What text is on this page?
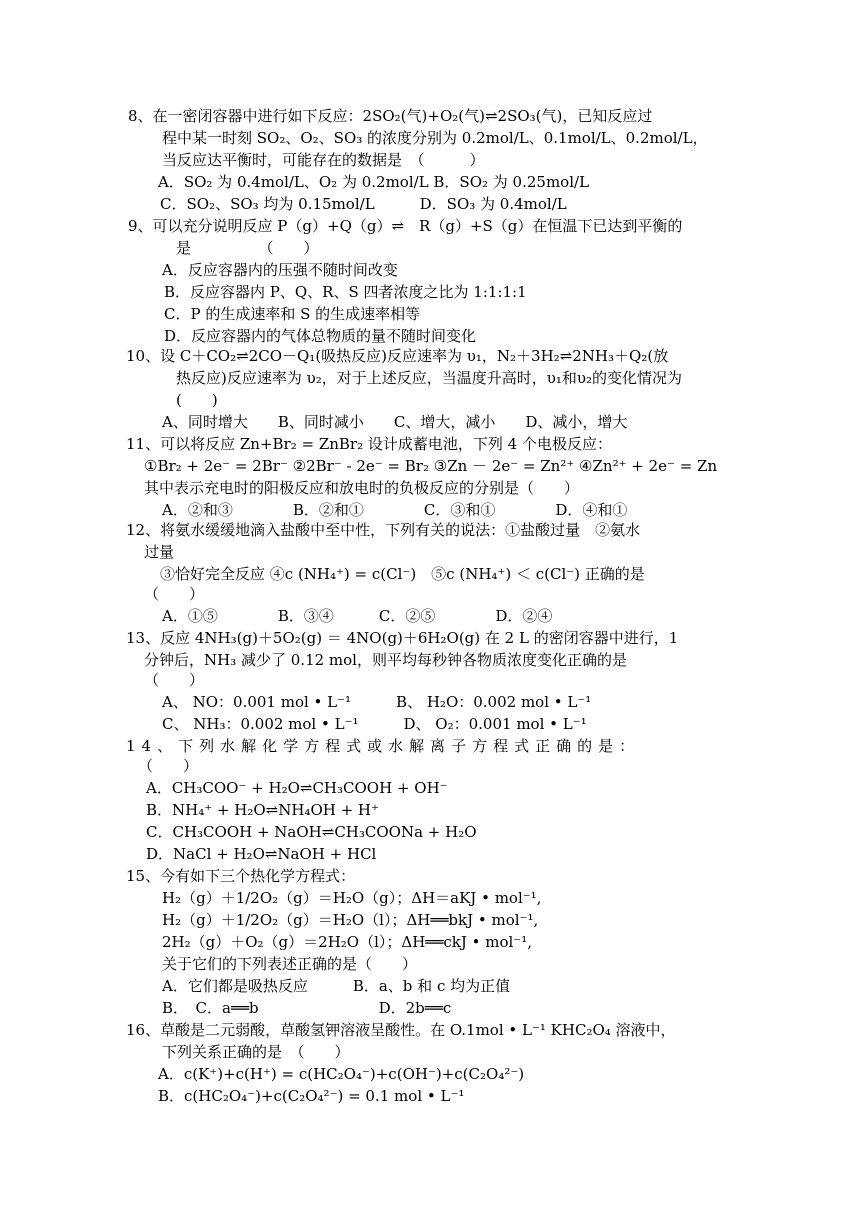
8、在一密闭容器中进行如下反应：2SO₂(气)+O₂(气)⇌2SO₃(气)，已知反应过
程中某一时刻 SO₂、O₂、SO₃ 的浓度分别为 0.2mol/L、0.1mol/L、0.2mol/L，
当反应达平衡时，可能存在的数据是　（　　　）
A．SO₂ 为 0.4mol/L、O₂ 为 0.2mol/L B．SO₂ 为 0.25mol/L
C．SO₂、SO₃ 均为 0.15mol/L　　　D．SO₃ 为 0.4mol/L
9、可以充分说明反应 P（g）+Q（g）⇌　R（g）+S（g）在恒温下已达到平衡的
是　　　　　（　　）
A．反应容器内的压强不随时间改变
B．反应容器内 P、Q、R、S 四者浓度之比为 1:1:1:1
C．P 的生成速率和 S 的生成速率相等
D．反应容器内的气体总物质的量不随时间变化
10、设 C＋CO₂⇌2CO－Q₁(吸热反应)反应速率为 υ₁，N₂＋3H₂⇌2NH₃＋Q₂(放
热反应)反应速率为 υ₂，对于上述反应，当温度升高时，υ₁和υ₂的变化情况为
(　　)
A、同时增大　　B、同时减小　　C、增大，减小　　D、减小，增大
11、可以将反应 Zn+Br₂ = ZnBr₂ 设计成蓄电池，下列 4 个电极反应：
①Br₂ + 2e⁻ = 2Br⁻ ②2Br⁻ - 2e⁻ = Br₂ ③Zn － 2e⁻ = Zn²⁺ ④Zn²⁺ + 2e⁻ = Zn
其中表示充电时的阳极反应和放电时的负极反应的分别是（　　）
A．②和③　　　　B．②和①　　　　C．③和①　　　　D．④和①
12、将氨水缓缓地滴入盐酸中至中性，下列有关的说法：①盐酸过量　②氨水
过量
③恰好完全反应 ④c (NH₄⁺) = c(Cl⁻)　⑤c (NH₄⁺) ＜ c(Cl⁻) 正确的是
（　　）
A．①⑤　　　　B．③④　　　C．②⑤　　　　D．②④
13、反应 4NH₃(g)＋5O₂(g) ＝ 4NO(g)＋6H₂O(g) 在 2 L 的密闭容器中进行，1
分钟后，NH₃ 减少了 0.12 mol，则平均每秒钟各物质浓度变化正确的是
（　　）
A、 NO：0.001 mol • L⁻¹　　　B、 H₂O：0.002 mol • L⁻¹
C、 NH₃：0.002 mol • L⁻¹　　　D、 O₂：0.001 mol • L⁻¹
14、下列水解化学方程式或水解离子方程式正确的是：
（　　）
A．CH₃COO⁻ + H₂O⇌CH₃COOH + OH⁻
B．NH₄⁺ + H₂O⇌NH₄OH + H⁺
C．CH₃COOH + NaOH⇌CH₃COONa + H₂O
D．NaCl + H₂O⇌NaOH + HCl
15、今有如下三个热化学方程式：
H₂（g）＋1/2O₂（g）＝H₂O（g）；ΔH＝aKJ • mol⁻¹,
H₂（g）＋1/2O₂（g）＝H₂O（l）；ΔH══bkJ • mol⁻¹,
2H₂（g）＋O₂（g）＝2H₂O（l）；ΔH══ckJ • mol⁻¹,
关于它们的下列表述正确的是（　　）
A．它们都是吸热反应　　　B．a、b 和 c 均为正值
B．　C．a══b　　　　　　　　D．2b══c
16、草酸是二元弱酸，草酸氢钾溶液呈酸性。在 O.1mol • L⁻¹ KHC₂O₄ 溶液中，
下列关系正确的是　（　　）
A．c(K⁺)+c(H⁺) = c(HC₂O₄⁻)+c(OH⁻)+c(C₂O₄²⁻)
B．c(HC₂O₄⁻)+c(C₂O₄²⁻) = 0.1 mol • L⁻¹
